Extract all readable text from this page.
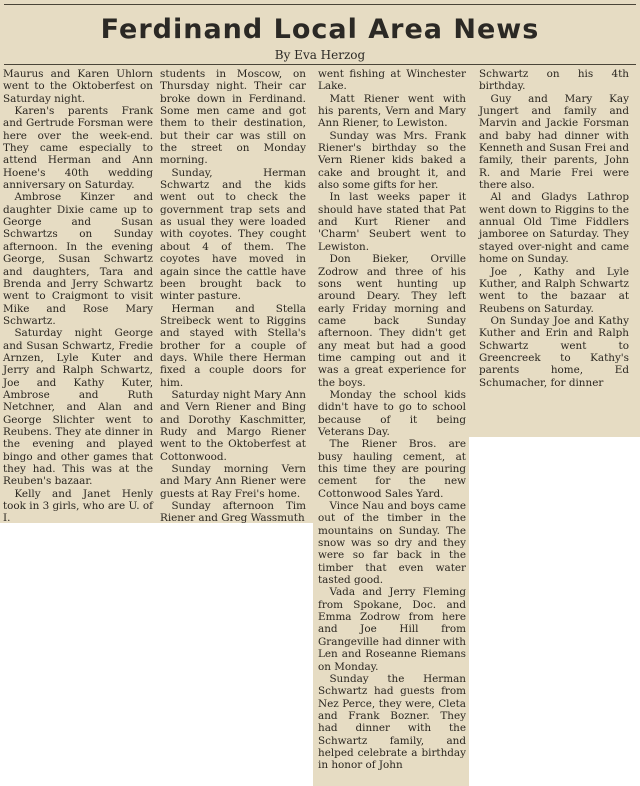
Ferdinand Local Area News
By Eva Herzog

Maurus and Karen Uhlorn went to the Oktoberfest on Saturday night.

Karen's parents Frank and Gertrude Forsman were here over the week-end. They came especially to attend Herman and Ann Hoene's 40th wedding anniversary on Saturday.

Ambrose Kinzer and daughter Dixie came up to George and Susan Schwartzs on Sunday afternoon. In the evening George, Susan Schwartz and daughters, Tara and Brenda and Jerry Schwartz went to Craigmont to visit Mike and Rose Mary Schwartz.

Saturday night George and Susan Schwartz, Fredie Arnzen, Lyle Kuter and Jerry and Ralph Schwartz, Joe and Kathy Kuter, Ambrose and Ruth Netchner, and Alan and George Slichter went to Reubens. They ate dinner in the evening and played bingo and other games that they had. This was at the Reuben's bazaar.

Kelly and Janet Henly took in 3 girls, who are U. of I.

students in Moscow, on Thursday night. Their car broke down in Ferdinand. Some men came and got them to their destination, but their car was still on the street on Monday morning.

Sunday, Herman Schwartz and the kids went out to check the government trap sets and as usual they were loaded with coyotes. They cought about 4 of them. The coyotes have moved in again since the cattle have been brought back to winter pasture.

Herman and Stella Streibeck went to Riggins and stayed with Stella's brother for a couple of days. While there Herman fixed a couple doors for him.

Saturday night Mary Ann and Vern Riener and Bing and Dorothy Kaschmitter, Rudy and Margo Riener went to the Oktoberfest at Cottonwood.

Sunday morning Vern and Mary Ann Riener were guests at Ray Frei's home.

Sunday afternoon Tim Riener and Greg Wassmuth

went fishing at Winchester Lake.

Matt Riener went with his parents, Vern and Mary Ann Riener, to Lewiston.

Sunday was Mrs. Frank Riener's birthday so the Vern Riener kids baked a cake and brought it, and also some gifts for her.

In last weeks paper it should have stated that Pat and Kurt Riener and 'Charm' Seubert went to Lewiston.

Don Bieker, Orville Zodrow and three of his sons went hunting up around Deary. They left early Friday morning and came back Sunday afternoon. They didn't get any meat but had a good time camping out and it was a great experience for the boys.

Monday the school kids didn't have to go to school because of it being Veterans Day.

The Riener Bros. are busy hauling cement, at this time they are pouring cement for the new Cottonwood Sales Yard.

Vince Nau and boys came out of the timber in the mountains on Sunday. The snow was so dry and they were so far back in the timber that even water tasted good.

Vada and Jerry Fleming from Spokane, Doc. and Emma Zodrow from here and Joe Hill from Grangeville had dinner with Len and Roseanne Riemans on Monday.

Sunday the Herman Schwartz had guests from Nez Perce, they were, Cleta and Frank Bozner. They had dinner with the Schwartz family, and helped celebrate a birthday in honor of John

Schwartz on his 4th birthday.

Guy and Mary Kay Jungert and family and Marvin and Jackie Forsman and baby had dinner with Kenneth and Susan Frei and family, their parents, John R. and Marie Frei were there also.

Al and Gladys Lathrop went down to Riggins to the annual Old Time Fiddlers jamboree on Saturday. They stayed over-night and came home on Sunday.

Joe , Kathy and Lyle Kuther, and Ralph Schwartz went to the bazaar at Reubens on Saturday.

On Sunday Joe and Kathy Kuther and Erin and Ralph Schwartz went to Greencreek to Kathy's parents home, Ed Schumacher, for dinner
